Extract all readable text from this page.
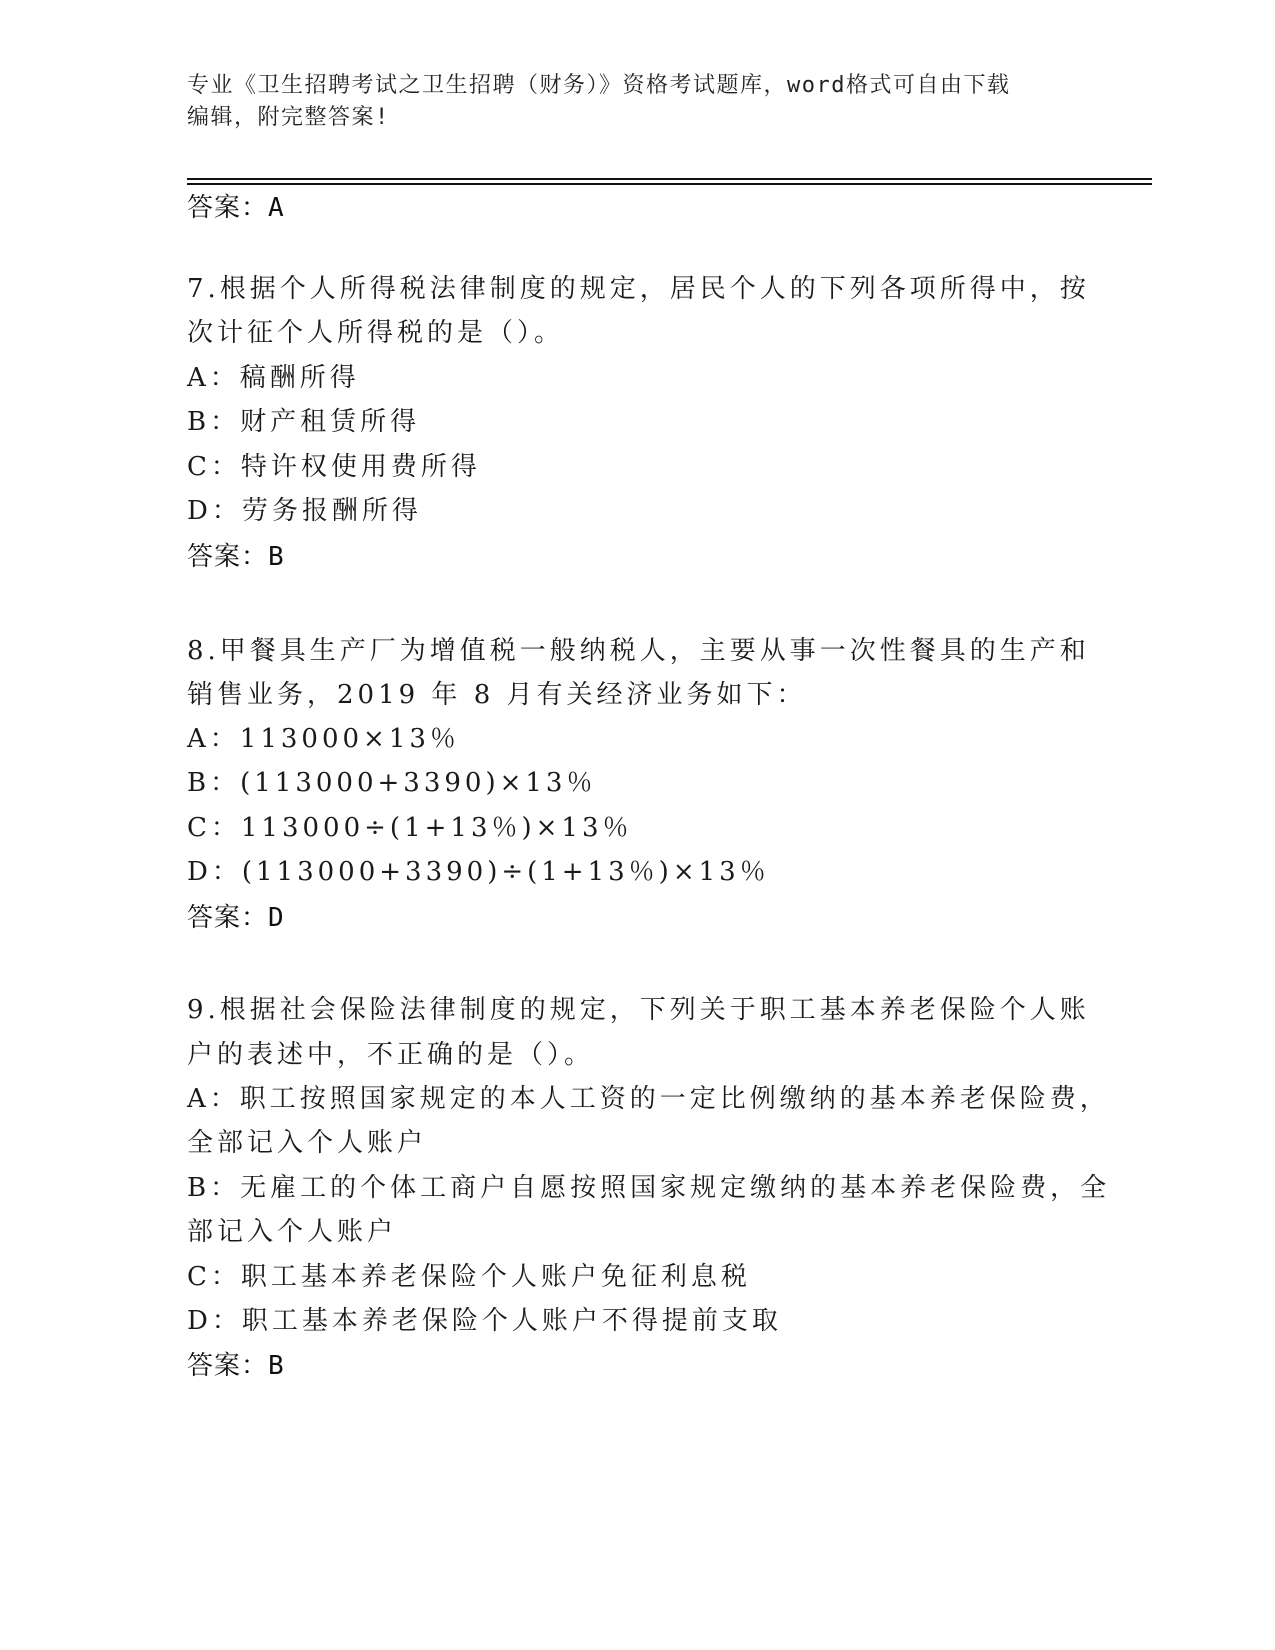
专业《卫生招聘考试之卫生招聘（财务）》资格考试题库，word格式可自由下载
编辑，附完整答案!
答案：A
7.根据个人所得税法律制度的规定，居民个人的下列各项所得中，按
次计征个人所得税的是（）。
A：稿酬所得
B：财产租赁所得
C：特许权使用费所得
D：劳务报酬所得
答案：B
8.甲餐具生产厂为增值税一般纳税人，主要从事一次性餐具的生产和
销售业务，2019 年 8 月有关经济业务如下：
A：113000×13％
B：(113000+3390)×13％
C：113000÷(1+13％)×13％
D：(113000+3390)÷(1+13％)×13％
答案：D
9.根据社会保险法律制度的规定，下列关于职工基本养老保险个人账
户的表述中，不正确的是（）。
A：职工按照国家规定的本人工资的一定比例缴纳的基本养老保险费，
全部记入个人账户
B：无雇工的个体工商户自愿按照国家规定缴纳的基本养老保险费，全
部记入个人账户
C：职工基本养老保险个人账户免征利息税
D：职工基本养老保险个人账户不得提前支取
答案：B
